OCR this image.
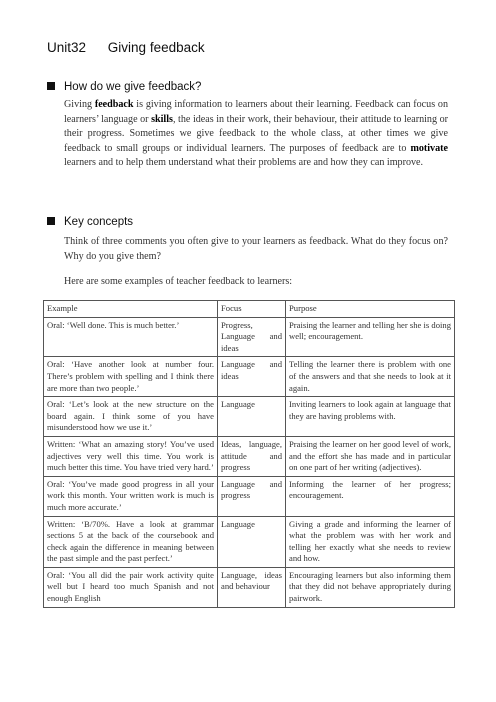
Unit32 Giving feedback
How do we give feedback?
Giving feedback is giving information to learners about their learning. Feedback can focus on learners’ language or skills, the ideas in their work, their behaviour, their attitude to learning or their progress. Sometimes we give feedback to the whole class, at other times we give feedback to small groups or individual learners. The purposes of feedback are to motivate learners and to help them understand what their problems are and how they can improve.
Key concepts
Think of three comments you often give to your learners as feedback. What do they focus on? Why do you give them?
Here are some examples of teacher feedback to learners:
Example	Focus	Purpose
Oral: ‘Well done. This is much better.’	Progress, Language and ideas	Praising the learner and telling her she is doing well; encouragement.
Oral: ‘Have another look at number four. There’s problem with spelling and I think there are more than two people.’	Language and ideas	Telling the learner there is problem with one of the answers and that she needs to look at it again.
Oral: ‘Let’s look at the new structure on the board again. I think some of you have misunderstood how we use it.’	Language	Inviting learners to look again at language that they are having problems with.
Written: ‘What an amazing story! You’ve used adjectives very well this time. You work is much better this time. You have tried very hard.’	Ideas, language, attitude and progress	Praising the learner on her good level of work, and the effort she has made and in particular on one part of her writing (adjectives).
Oral: ‘You’ve made good progress in all your work this month. Your written work is much is much more accurate.’	Language and progress	Informing the learner of her progress; encouragement.
Written: ‘B/70%. Have a look at grammar sections 5 at the back of the coursebook and check again the difference in meaning between the past simple and the past perfect.’	Language	Giving a grade and informing the learner of what the problem was with her work and telling her exactly what she needs to review and how.
Oral: ‘You all did the pair work activity quite well but I heard too much Spanish and not enough English	Language, ideas and behaviour	Encouraging learners but also informing them that they did not behave appropriately during pairwork.
